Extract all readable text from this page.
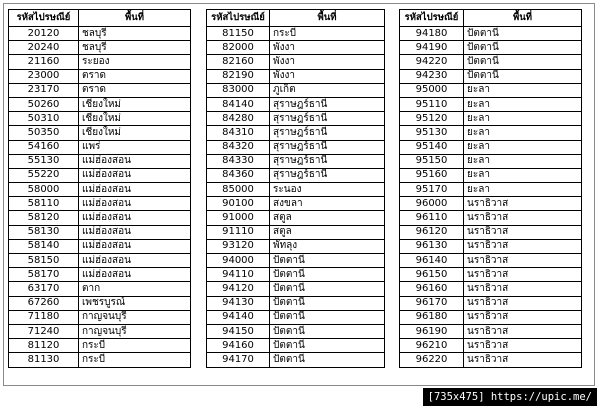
รหัสไปรษณีย์	พื้นที่
20120	ชลบุรี
20240	ชลบุรี
21160	ระยอง
23000	ตราด
23170	ตราด
50260	เชียงใหม่
50310	เชียงใหม่
50350	เชียงใหม่
54160	แพร่
55130	แม่ฮ่องสอน
55220	แม่ฮ่องสอน
58000	แม่ฮ่องสอน
58110	แม่ฮ่องสอน
58120	แม่ฮ่องสอน
58130	แม่ฮ่องสอน
58140	แม่ฮ่องสอน
58150	แม่ฮ่องสอน
58170	แม่ฮ่องสอน
63170	ตาก
67260	เพชรบูรณ์
71180	กาญจนบุรี
71240	กาญจนบุรี
81120	กระบี่
81130	กระบี่
รหัสไปรษณีย์	พื้นที่
81150	กระบี่
82000	พังงา
82160	พังงา
82190	พังงา
83000	ภูเก็ต
84140	สุราษฎร์ธานี
84280	สุราษฎร์ธานี
84310	สุราษฎร์ธานี
84320	สุราษฎร์ธานี
84330	สุราษฎร์ธานี
84360	สุราษฎร์ธานี
85000	ระนอง
90100	สงขลา
91000	สตูล
91110	สตูล
93120	พัทลุง
94000	ปัตตานี
94110	ปัตตานี
94120	ปัตตานี
94130	ปัตตานี
94140	ปัตตานี
94150	ปัตตานี
94160	ปัตตานี
94170	ปัตตานี
รหัสไปรษณีย์	พื้นที่
94180	ปัตตานี
94190	ปัตตานี
94220	ปัตตานี
94230	ปัตตานี
95000	ยะลา
95110	ยะลา
95120	ยะลา
95130	ยะลา
95140	ยะลา
95150	ยะลา
95160	ยะลา
95170	ยะลา
96000	นราธิวาส
96110	นราธิวาส
96120	นราธิวาส
96130	นราธิวาส
96140	นราธิวาส
96150	นราธิวาส
96160	นราธิวาส
96170	นราธิวาส
96180	นราธิวาส
96190	นราธิวาส
96210	นราธิวาส
96220	นราธิวาส
[735x475] https://upic.me/
